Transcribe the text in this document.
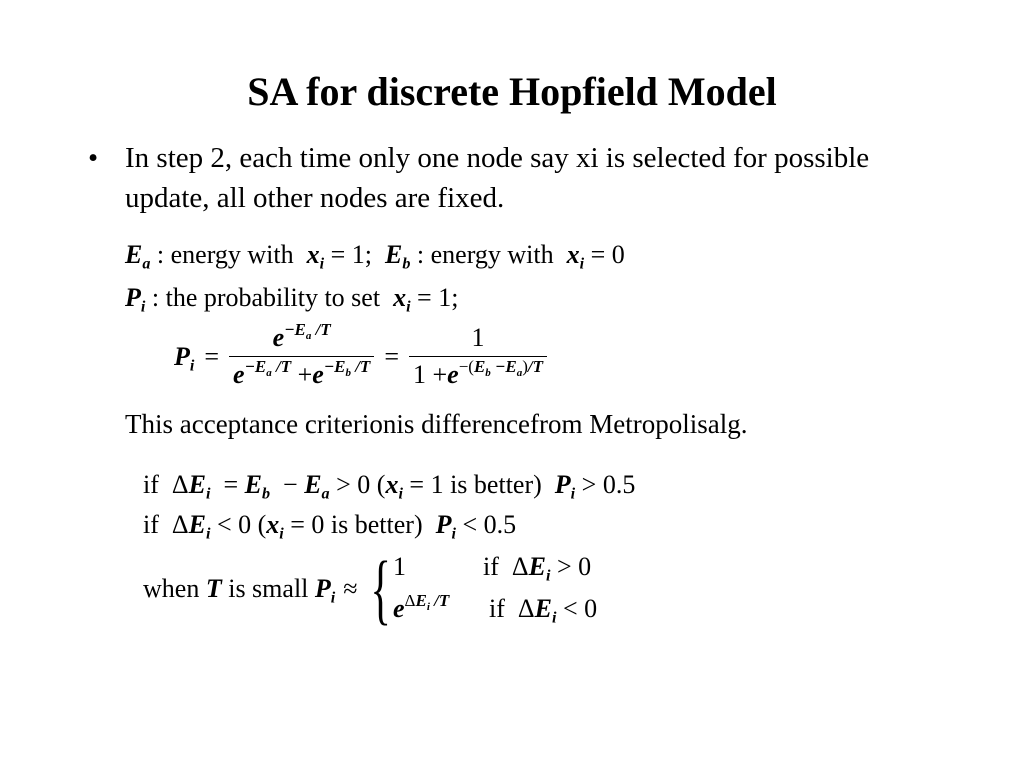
SA for discrete Hopfield Model
• In step 2, each time only one node say xi is selected for possible update, all other nodes are fixed.
$E_a$ : energy with  $x_i = 1$;  $E_b$ : energy with  $x_i = 0$
$P_i$ : the probability to set  $x_i = 1$;
$P_i = \frac{e^{-E_a /T}}{e^{-E_a /T} +e^{-E_b /T}} = \frac{1}{1 +e^{-(E_b -E_a)/T}}$
This acceptance criterionis differencefrom Metropolisalg.
if  $\Delta E_i = E_b - E_a > 0$ ($x_i = 1$ is better)  $P_i > 0.5$
if  $\Delta E_i < 0$ ($x_i = 0$ is better)  $P_i < 0.5$
when T is small $P_i$ ≈ { 1	if  $\Delta E_i > 0$
$e^{\Delta E_i /T}$ if  $\Delta E_i < 0$
